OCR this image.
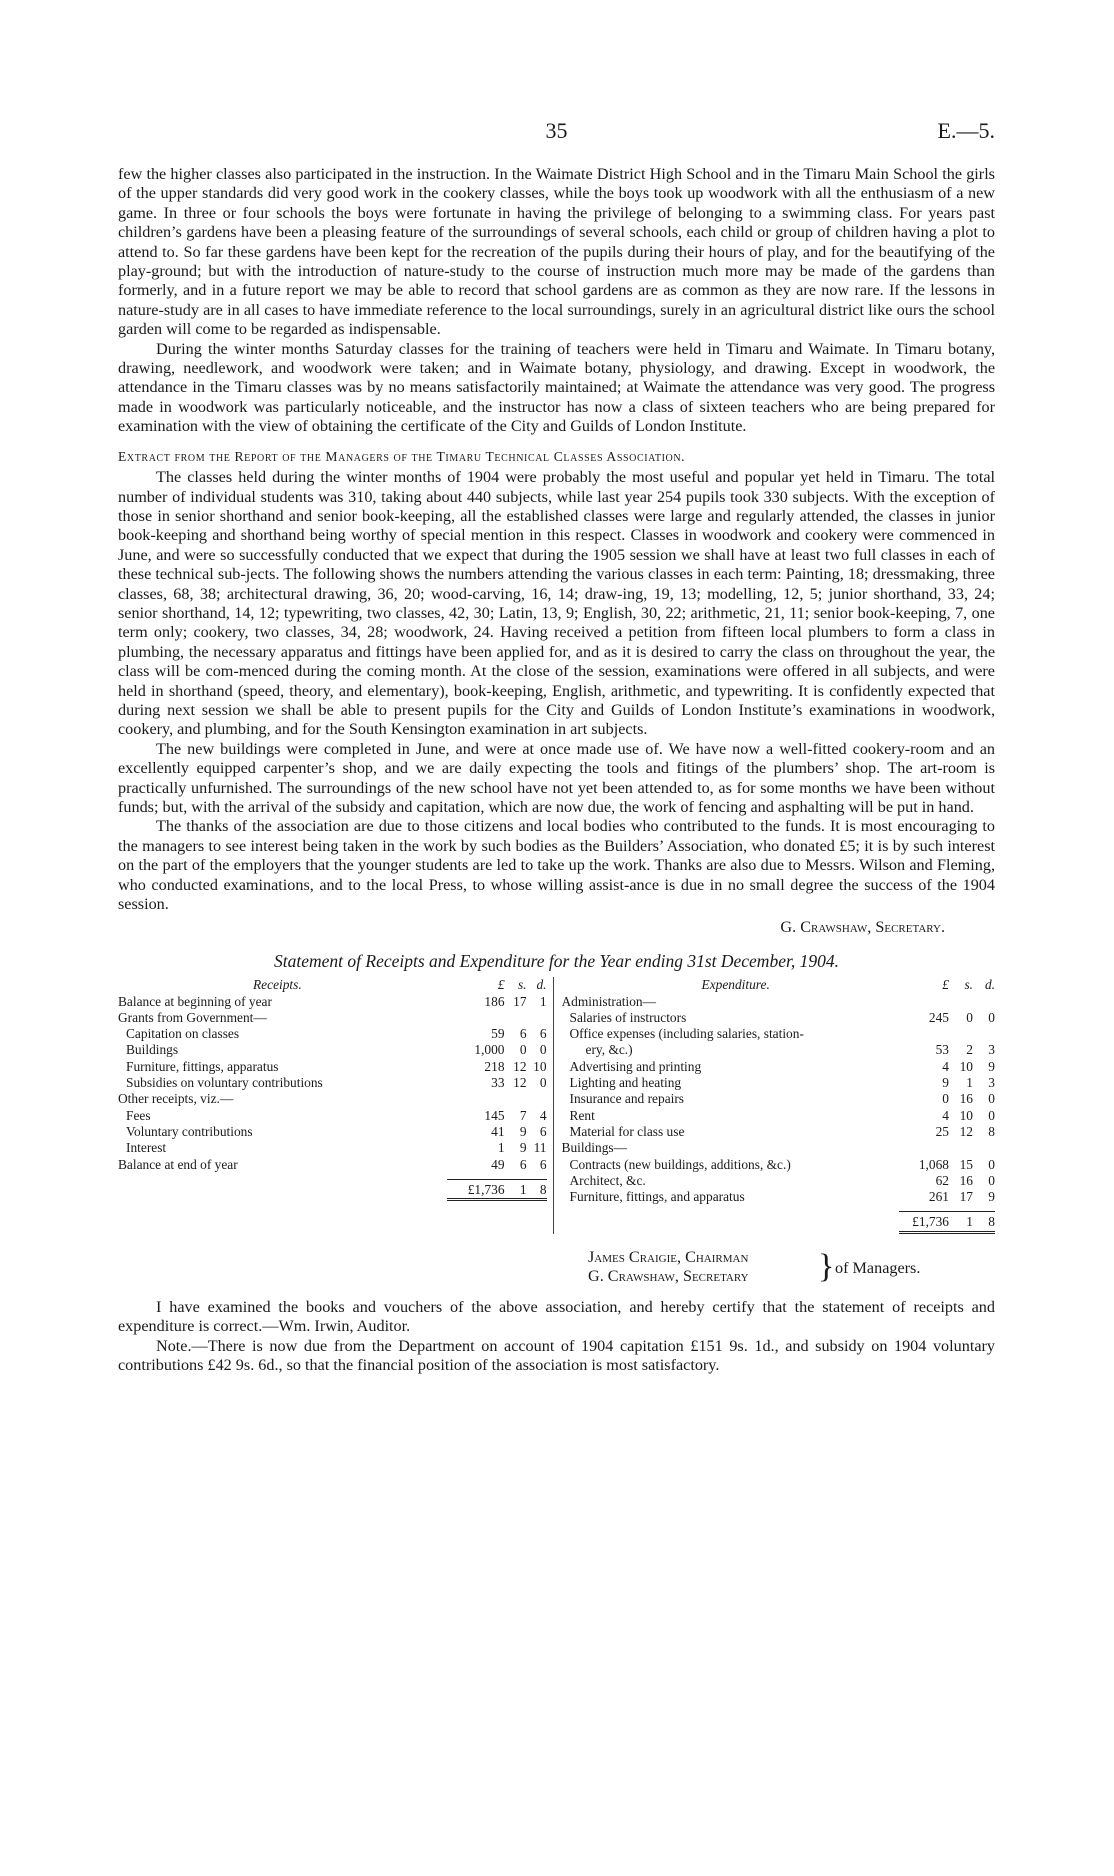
35	E.—5.

few the higher classes also participated in the instruction. In the Waimate District High School and in the Timaru Main School the girls of the upper standards did very good work in the cookery classes, while the boys took up woodwork with all the enthusiasm of a new game. In three or four schools the boys were fortunate in having the privilege of belonging to a swimming class. For years past children’s gardens have been a pleasing feature of the surroundings of several schools, each child or group of children having a plot to attend to. So far these gardens have been kept for the recreation of the pupils during their hours of play, and for the beautifying of the play-ground; but with the introduction of nature-study to the course of instruction much more may be made of the gardens than formerly, and in a future report we may be able to record that school gardens are as common as they are now rare. If the lessons in nature-study are in all cases to have immediate reference to the local surroundings, surely in an agricultural district like ours the school garden will come to be regarded as indispensable.

During the winter months Saturday classes for the training of teachers were held in Timaru and Waimate. In Timaru botany, drawing, needlework, and woodwork were taken; and in Waimate botany, physiology, and drawing. Except in woodwork, the attendance in the Timaru classes was by no means satisfactorily maintained; at Waimate the attendance was very good. The progress made in woodwork was particularly noticeable, and the instructor has now a class of sixteen teachers who are being prepared for examination with the view of obtaining the certificate of the City and Guilds of London Institute.

Extract from the Report of the Managers of the Timaru Technical Classes Association.

The classes held during the winter months of 1904 were probably the most useful and popular yet held in Timaru. The total number of individual students was 310, taking about 440 subjects, while last year 254 pupils took 330 subjects. With the exception of those in senior shorthand and senior book-keeping, all the established classes were large and regularly attended, the classes in junior book-keeping and shorthand being worthy of special mention in this respect. Classes in woodwork and cookery were commenced in June, and were so successfully conducted that we expect that during the 1905 session we shall have at least two full classes in each of these technical sub-jects. The following shows the numbers attending the various classes in each term: Painting, 18; dressmaking, three classes, 68, 38; architectural drawing, 36, 20; wood-carving, 16, 14; draw-ing, 19, 13; modelling, 12, 5; junior shorthand, 33, 24; senior shorthand, 14, 12; typewriting, two classes, 42, 30; Latin, 13, 9; English, 30, 22; arithmetic, 21, 11; senior book-keeping, 7, one term only; cookery, two classes, 34, 28; woodwork, 24. Having received a petition from fifteen local plumbers to form a class in plumbing, the necessary apparatus and fittings have been applied for, and as it is desired to carry the class on throughout the year, the class will be com-menced during the coming month. At the close of the session, examinations were offered in all subjects, and were held in shorthand (speed, theory, and elementary), book-keeping, English, arithmetic, and typewriting. It is confidently expected that during next session we shall be able to present pupils for the City and Guilds of London Institute’s examinations in woodwork, cookery, and plumbing, and for the South Kensington examination in art subjects.

The new buildings were completed in June, and were at once made use of. We have now a well-fitted cookery-room and an excellently equipped carpenter’s shop, and we are daily expecting the tools and fitings of the plumbers’ shop. The art-room is practically unfurnished. The surroundings of the new school have not yet been attended to, as for some months we have been without funds; but, with the arrival of the subsidy and capitation, which are now due, the work of fencing and asphalting will be put in hand.

The thanks of the association are due to those citizens and local bodies who contributed to the funds. It is most encouraging to the managers to see interest being taken in the work by such bodies as the Builders’ Association, who donated £5; it is by such interest on the part of the employers that the younger students are led to take up the work. Thanks are also due to Messrs. Wilson and Fleming, who conducted examinations, and to the local Press, to whose willing assist-ance is due in no small degree the success of the 1904 session.

G. Crawshaw, Secretary.

Statement of Receipts and Expenditure for the Year ending 31st December, 1904.

Receipts.	£	s. d.
Balance at beginning of year	186 17 1
Grants from Government—
Capitation on classes	59	6 6
Buildings	1,000	0 0
Furniture, fittings, apparatus	218 12 10
Subsidies on voluntary contributions	33 12 0
Other receipts, viz.—
Fees	145	7 4
Voluntary contributions	41	9 6
Interest	1	9 11
Balance at end of year	49	6 6
£1,736	1 8
Expenditure.	£	s. d.
Administration—
Salaries of instructors	245	0	0
Office expenses (including salaries, station-
ery, &c.)	53	2	3
Advertising and printing	4 10	9
Lighting and heating	9	1	3
Insurance and repairs	0 16	0
Rent	4 10	0
Material for class use	25 12	8
Buildings—
Contracts (new buildings, additions, &c.)	1,068 15	0
Architect, &c.	62 16	0
Furniture, fittings, and apparatus	261 17	9
£1,736	1	8
James Craigie, Chairman
G. Crawshaw, Secretary } of Managers.

I have examined the books and vouchers of the above association, and hereby certify that the statement of receipts and expenditure is correct.—Wm. Irwin, Auditor.

Note.—There is now due from the Department on account of 1904 capitation £151 9s. 1d., and subsidy on 1904 voluntary contributions £42 9s. 6d., so that the financial position of the association is most satisfactory.
